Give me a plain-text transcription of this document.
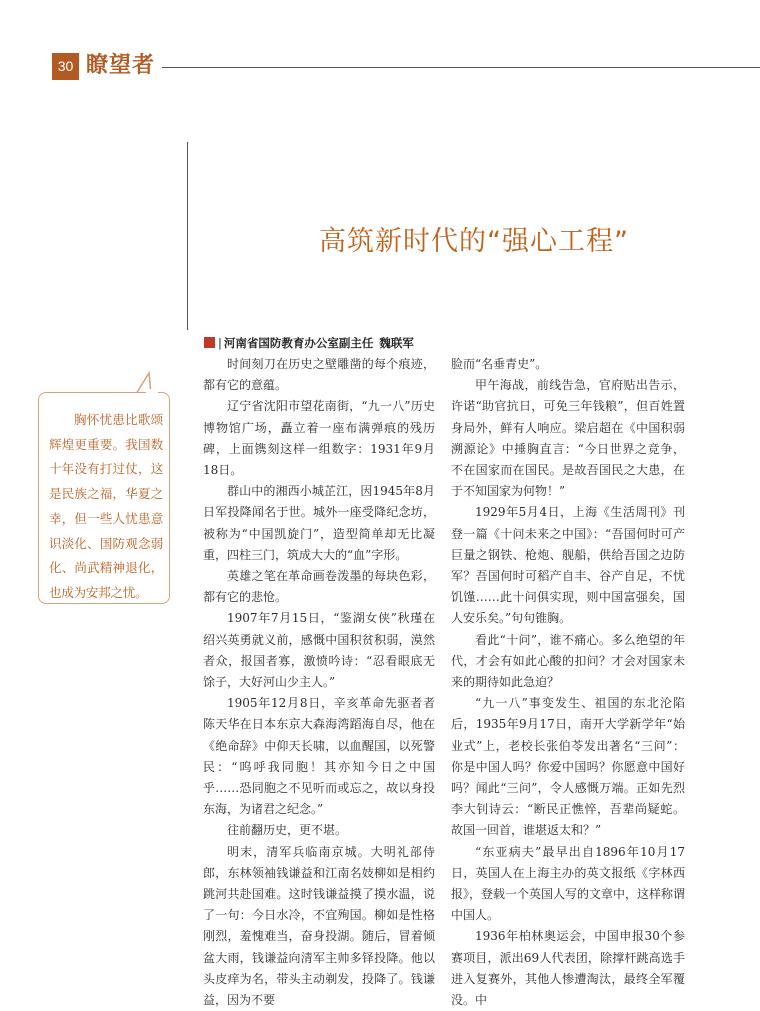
30 瞭望者
高筑新时代的“强心工程”
| 河南省国防教育办公室副主任 魏联军

胸怀忧患比歌颂辉煌更重要。我国数十年没有打过仗，这是民族之福，华夏之幸，但一些人忧患意识淡化、国防观念弱化、尚武精神退化，也成为安邦之忧。

时间刻刀在历史之壁雕凿的每个痕迹，都有它的意蕴。

辽宁省沈阳市望花南街，“九一八”历史博物馆广场，矗立着一座布满弹痕的残历碑，上面镌刻这样一组数字：1931年9月18日。

群山中的湘西小城芷江，因1945年8月日军投降闻名于世。城外一座受降纪念坊，被称为“中国凯旋门”，造型简单却无比凝重，四柱三门，筑成大大的“血”字形。

英雄之笔在革命画卷泼墨的每块色彩，都有它的悲怆。

1907年7月15日，“鉴湖女侠”秋瑾在绍兴英勇就义前，感慨中国积贫积弱，漠然者众，报国者寡，激愤吟诗：“忍看眼底无馀子，大好河山少主人。”

1905年12月8日，辛亥革命先驱者者陈天华在日本东京大森海湾蹈海自尽，他在《绝命辞》中仰天长啸，以血醒国，以死警民：“呜呼我同胞！其亦知今日之中国乎……恐同胞之不见听而或忘之，故以身投东海，为诸君之纪念。”

往前翻历史，更不堪。

明末，清军兵临南京城。大明礼部侍郎，东林领袖钱谦益和江南名妓柳如是相约跳河共赴国难。这时钱谦益摸了摸水温，说了一句：今日水冷，不宜殉国。柳如是性格刚烈，羞愧难当，奋身投湖。随后，冒着倾盆大雨，钱谦益向清军主帅多铎投降。他以头皮痒为名，带头主动剃发，投降了。钱谦益，因为不要

脸而“名垂青史”。

甲午海战，前线告急，官府贴出告示，许诺“助官抗日，可免三年钱粮”，但百姓置身局外，鲜有人响应。梁启超在《中国积弱溯源论》中捶胸直言：“今日世界之竞争，不在国家而在国民。是故吾国民之大患，在于不知国家为何物！”

1929年5月4日，上海《生活周刊》刊登一篇《十问未来之中国》：“吾国何时可产巨量之钢铁、枪炮、舰船，供给吾国之边防军？吾国何时可稻产自丰、谷产自足，不忧饥馑……此十问俱实现，则中国富强矣，国人安乐矣。”句句锥胸。

看此“十问”，谁不痛心。多么绝望的年代，才会有如此心酸的扣问？才会对国家未来的期待如此急迫？

“九一八”事变发生、祖国的东北沦陷后，1935年9月17日，南开大学新学年“始业式”上，老校长张伯苓发出著名“三问”：你是中国人吗？你爱中国吗？你愿意中国好吗？闻此“三问”，令人感慨万端。正如先烈李大钊诗云：“断民正憔悴，吾辈尚疑蛇。故国一回首，谁堪返太和？”

“东亚病夫”最早出自1896年10月17日，英国人在上海主办的英文报纸《字林西报》，登载一个英国人写的文章中，这样称谓中国人。

1936年柏林奥运会，中国申报30个参赛项目，派出69人代表团，除撑杆跳高选手进入复赛外，其他人惨遭淘汰，最终全军覆没。中
